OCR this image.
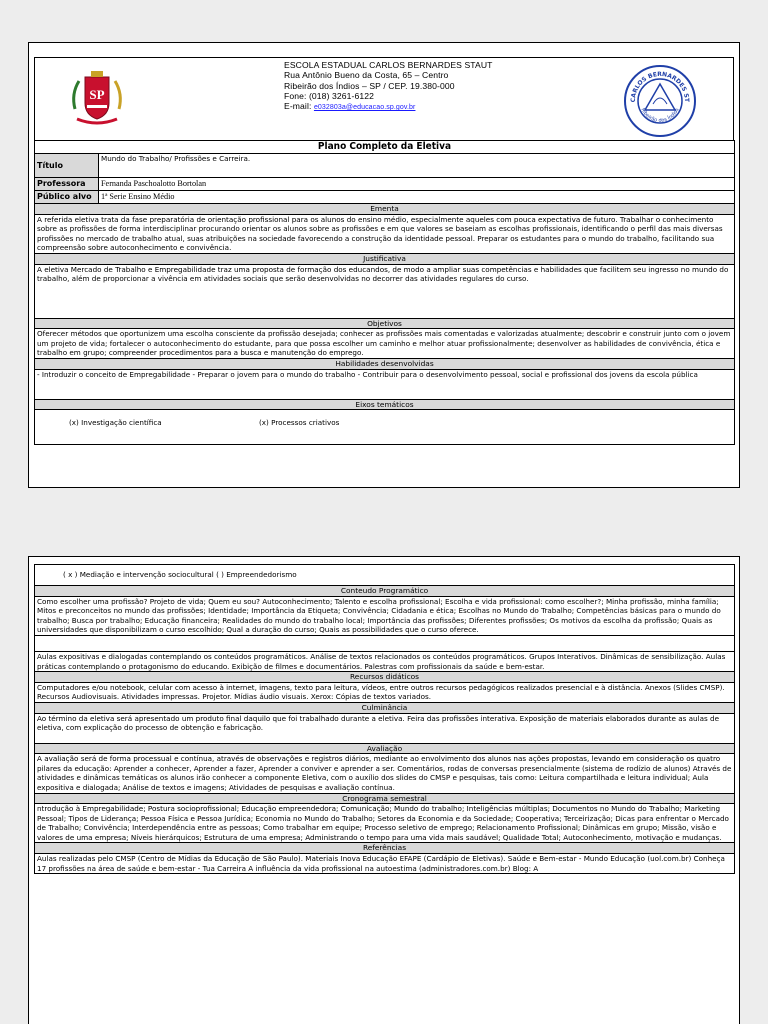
SP
ESCOLA ESTADUAL CARLOS BERNARDES STAUT
Rua Antônio Bueno da Costa, 65 – Centro
Ribeirão dos Índios – SP / CEP. 19.380-000
Fone: (018) 3261-6122
E-mail: e032803a@educacao.sp.gov.br
CARLOS BERNARDES ST
Ribeirão dos Índios
Plano Completo da Eletiva	
Título	Mundo do Trabalho/ Profissões e Carreira.
Professora	Fernanda Paschoalotto Bortolan
Público alvo	1ª Serie Ensino Médio
Ementa	
A referida eletiva trata da fase preparatória de orientação profissional para os alunos do ensino médio, especialmente aqueles com pouca expectativa de futuro. Trabalhar o conhecimento sobre as profissões de forma interdisciplinar procurando orientar os alunos sobre as profissões e em que valores se baseiam as escolhas profissionais, identificando o perfil das mais diversas profissões no mercado de trabalho atual, suas atribuições na sociedade favorecendo a construção da identidade pessoal. Preparar os estudantes para o mundo do trabalho, facilitando sua compreensão sobre autoconhecimento e convivência.	
Justificativa	
A eletiva Mercado de Trabalho e Empregabilidade traz uma proposta de formação dos educandos, de modo a ampliar suas competências e habilidades que facilitem seu ingresso no mundo do trabalho, além de proporcionar a vivência em atividades sociais que serão desenvolvidas no decorrer das atividades regulares do curso.	
Objetivos	
Oferecer métodos que oportunizem uma escolha consciente da profissão desejada; conhecer as profissões mais comentadas e valorizadas atualmente; descobrir e construir junto com o jovem um projeto de vida; fortalecer o autoconhecimento do estudante, para que possa escolher um caminho e melhor atuar profissionalmente; desenvolver as habilidades de convivência, ética e trabalho em grupo; compreender procedimentos para a busca e manutenção do emprego.	
Habilidades desenvolvidas	
- Introduzir o conceito de Empregabilidade - Preparar o jovem para o mundo do trabalho - Contribuir para o desenvolvimento pessoal, social e profissional dos jovens da escola pública	
Eixos temáticos	

(x) Investigação científica (x) Processos criativos	
( x ) Mediação e intervenção sociocultural ( ) Empreendedorismo
Conteudo Programático
Como escolher uma profissão? Projeto de vida; Quem eu sou? Autoconhecimento; Talento e escolha profissional; Escolha e vida profissional: como escolher?; Minha profissão, minha família; Mitos e preconceitos no mundo das profissões; Identidade; Importância da Etiqueta; Convivência; Cidadania e ética; Escolhas no Mundo do Trabalho; Competências básicas para o mundo do trabalho; Busca por trabalho; Educação financeira; Realidades do mundo do trabalho local; Importância das profissões; Diferentes profissões; Os motivos da escolha da profissão; Quais as universidades que disponibilizam o curso escolhido; Qual a duração do curso; Quais as possibilidades que o curso oferece.

Aulas expositivas e dialogadas contemplando os conteúdos programáticos. Análise de textos relacionados os conteúdos programáticos. Grupos Interativos. Dinâmicas de sensibilização. Aulas práticas contemplando o protagonismo do educando. Exibição de filmes e documentários. Palestras com profissionais da saúde e bem-estar.
Recursos didáticos
Computadores e/ou notebook, celular com acesso à internet, imagens, texto para leitura, vídeos, entre outros recursos pedagógicos realizados presencial e à distância. Anexos (Slides CMSP). Recursos Audiovisuais. Atividades impressas. Projetor. Mídias áudio visuais. Xerox: Cópias de textos variados.
Culminância
Ao término da eletiva será apresentado um produto final daquilo que foi trabalhado durante a eletiva. Feira das profissões interativa. Exposição de materiais elaborados durante as aulas de eletiva, com explicação do processo de obtenção e fabricação.
Avaliação
A avaliação será de forma processual e contínua, através de observações e registros diários, mediante ao envolvimento dos alunos nas ações propostas, levando em consideração os quatro pilares da educação: Aprender a conhecer, Aprender a fazer, Aprender a conviver e aprender a ser. Comentários, rodas de conversas presencialmente (sistema de rodízio de alunos) Através de atividades e dinâmicas temáticas os alunos irão conhecer a componente Eletiva, com o auxílio dos slides do CMSP e pesquisas, tais como: Leitura compartilhada e leitura individual; Aula expositiva e dialogada; Análise de textos e imagens; Atividades de pesquisas e avaliação contínua.
Cronograma semestral
ntrodução à Empregabilidade; Postura socioprofissional; Educação empreendedora; Comunicação; Mundo do trabalho; Inteligências múltiplas; Documentos no Mundo do Trabalho; Marketing Pessoal; Tipos de Liderança; Pessoa Física e Pessoa Jurídica; Economia no Mundo do Trabalho; Setores da Economia e da Sociedade; Cooperativa; Terceirização; Dicas para enfrentar o Mercado de Trabalho; Convivência; Interdependência entre as pessoas; Como trabalhar em equipe; Processo seletivo de emprego; Relacionamento Profissional; Dinâmicas em grupo; Missão, visão e valores de uma empresa; Níveis hierárquicos; Estrutura de uma empresa; Administrando o tempo para uma vida mais saudável; Qualidade Total; Autoconhecimento, motivação e mudanças.
Referências
Aulas realizadas pelo CMSP (Centro de Mídias da Educação de São Paulo). Materiais Inova Educação EFAPE (Cardápio de Eletivas). Saúde e Bem-estar - Mundo Educação (uol.com.br) Conheça 17 profissões na área de saúde e bem-estar - Tua Carreira A influência da vida profissional na autoestima (administradores.com.br) Blog: A
